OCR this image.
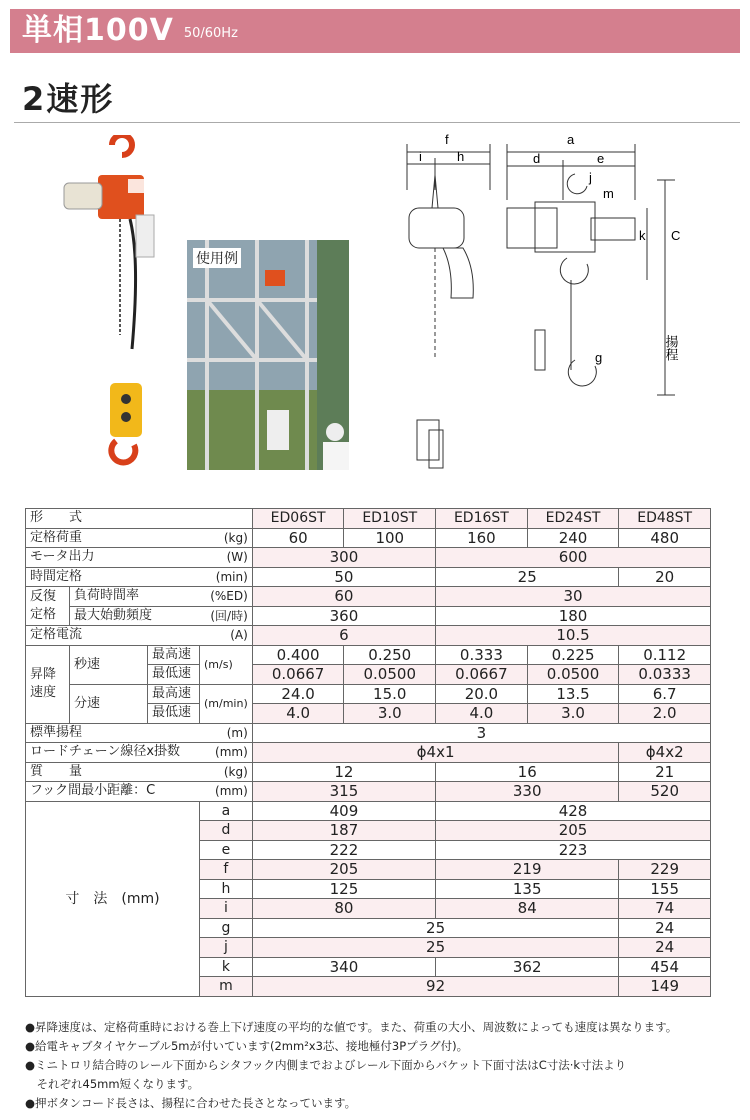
単相100V 50/60Hz
2速形
使用例
f
i	h
a
d	e
j
m
k C
揚程
g
形　　式				ED06ST	ED10ST	ED16ST	ED24ST	ED48ST
定格荷重 (kg)				60	100	160	240	480
モータ出力 (W)				300		600		
時間定格 (min)				50		25		20
反復定格	負荷時間率 (%ED)			60		30		
	最大始動頻度 (回/時)			360		180		
定格電流 (A)				6		10.5		
昇降速度	秒速	最高速	(m/s)	0.400	0.250	0.333	0.225	0.112
		最低速		0.0667	0.0500	0.0667	0.0500	0.0333
	分速	最高速	(m/min)	24.0	15.0	20.0	13.5	6.7
		最低速		4.0	3.0	4.0	3.0	2.0
標準揚程 (m)				3				
ロードチェーン線径x掛数 (mm)				ϕ4x1				ϕ4x2
質　　量 (kg)				12		16		21
フック間最小距離：C (mm)				315		330		520
寸　法　(mm)			a	409		428		
			d	187		205		
			e	222		223		
			f	205		219		229
			h	125		135		155
			i	80		84		74
			g	25				24
			j	25				24
			k	340		362		454
			m	92				149
●昇降速度は、定格荷重時における巻上下げ速度の平均的な値です。また、荷重の大小、周波数によっても速度は異なります。
●給電キャブタイヤケーブル5mが付いています(2mm²x3芯、接地極付3Pプラグ付)。
●ミニトロリ結合時のレール下面からシタフック内側までおよびレール下面からバケット下面寸法はC寸法·k寸法より
　それぞれ45mm短くなります。
●押ボタンコード長さは、揚程に合わせた長さとなっています。
